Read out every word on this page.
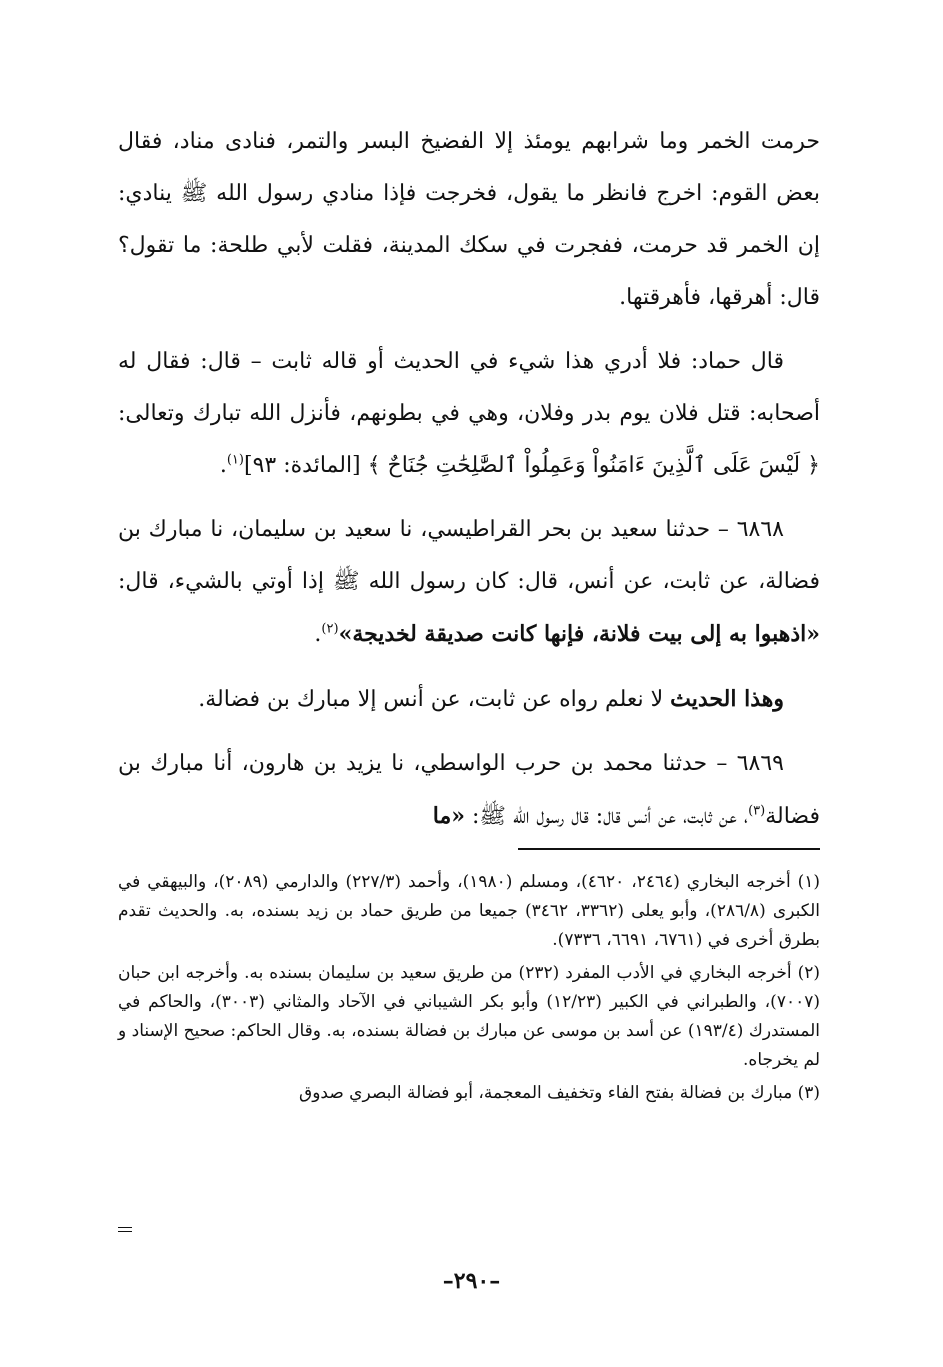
حرمت الخمر وما شرابهم يومئذ إلا الفضيخ البسر والتمر، فنادى مناد، فقال بعض القوم: اخرج فانظر ما يقول، فخرجت فإذا منادي رسول الله ﷺ ينادي: إن الخمر قد حرمت، ففجرت في سكك المدينة، فقلت لأبي طلحة: ما تقول؟ قال: أهرقها، فأهرقتها.

قال حماد: فلا أدري هذا شيء في الحديث أو قاله ثابت – قال: فقال له أصحابه: قتل فلان يوم بدر وفلان، وهي في بطونهم، فأنزل الله تبارك وتعالى: ﴿ لَيْسَ عَلَى ٱلَّذِينَ ءَامَنُواْ وَعَمِلُواْ ٱلصَّٰلِحَٰتِ جُنَاحٌ ﴾ [المائدة: ٩٣]$^{(١)}$.

٦٨٦٨ – حدثنا سعيد بن بحر القراطيسي، نا سعيد بن سليمان، نا مبارك بن فضالة، عن ثابت، عن أنس، قال: كان رسول الله ﷺ إذا أوتي بالشيء، قال: «اذهبوا به إلى بيت فلانة، فإنها كانت صديقة لخديجة»$^{(٢)}$.

وهذا الحديث لا نعلم رواه عن ثابت، عن أنس إلا مبارك بن فضالة.

٦٨٦٩ – حدثنا محمد بن حرب الواسطي، نا يزيد بن هارون، أنا مبارك بن فضالة$^{(٣)}$، عن ثابت، عن أنس قال: قال رسول الله ﷺ: «ما

(١) أخرجه البخاري (٢٤٦٤، ٤٦٢٠)، ومسلم (١٩٨٠)، وأحمد (٢٢٧/٣) والدارمي (٢٠٨٩)، والبيهقي في الكبرى (٢٨٦/٨)، وأبو يعلى (٣٣٦٢، ٣٤٦٢) جميعا من طريق حماد بن زيد بسنده، به. والحديث تقدم بطرق أخرى في (٦٧٦١، ٦٦٩١، ٧٣٣٦).

(٢) أخرجه البخاري في الأدب المفرد (٢٣٢) من طريق سعيد بن سليمان بسنده به. وأخرجه ابن حبان (٧٠٠٧)، والطبراني في الكبير (١٢/٢٣) وأبو بكر الشيباني في الآحاد والمثاني (٣٠٠٣)، والحاكم في المستدرك (١٩٣/٤) عن أسد بن موسى عن مبارك بن فضالة بسنده، به. وقال الحاكم: صحيح الإسناد و لم يخرجاه.

(٣) مبارك بن فضالة بفتح الفاء وتخفيف المعجمة، أبو فضالة البصري صدوق

–٢٩٠–
